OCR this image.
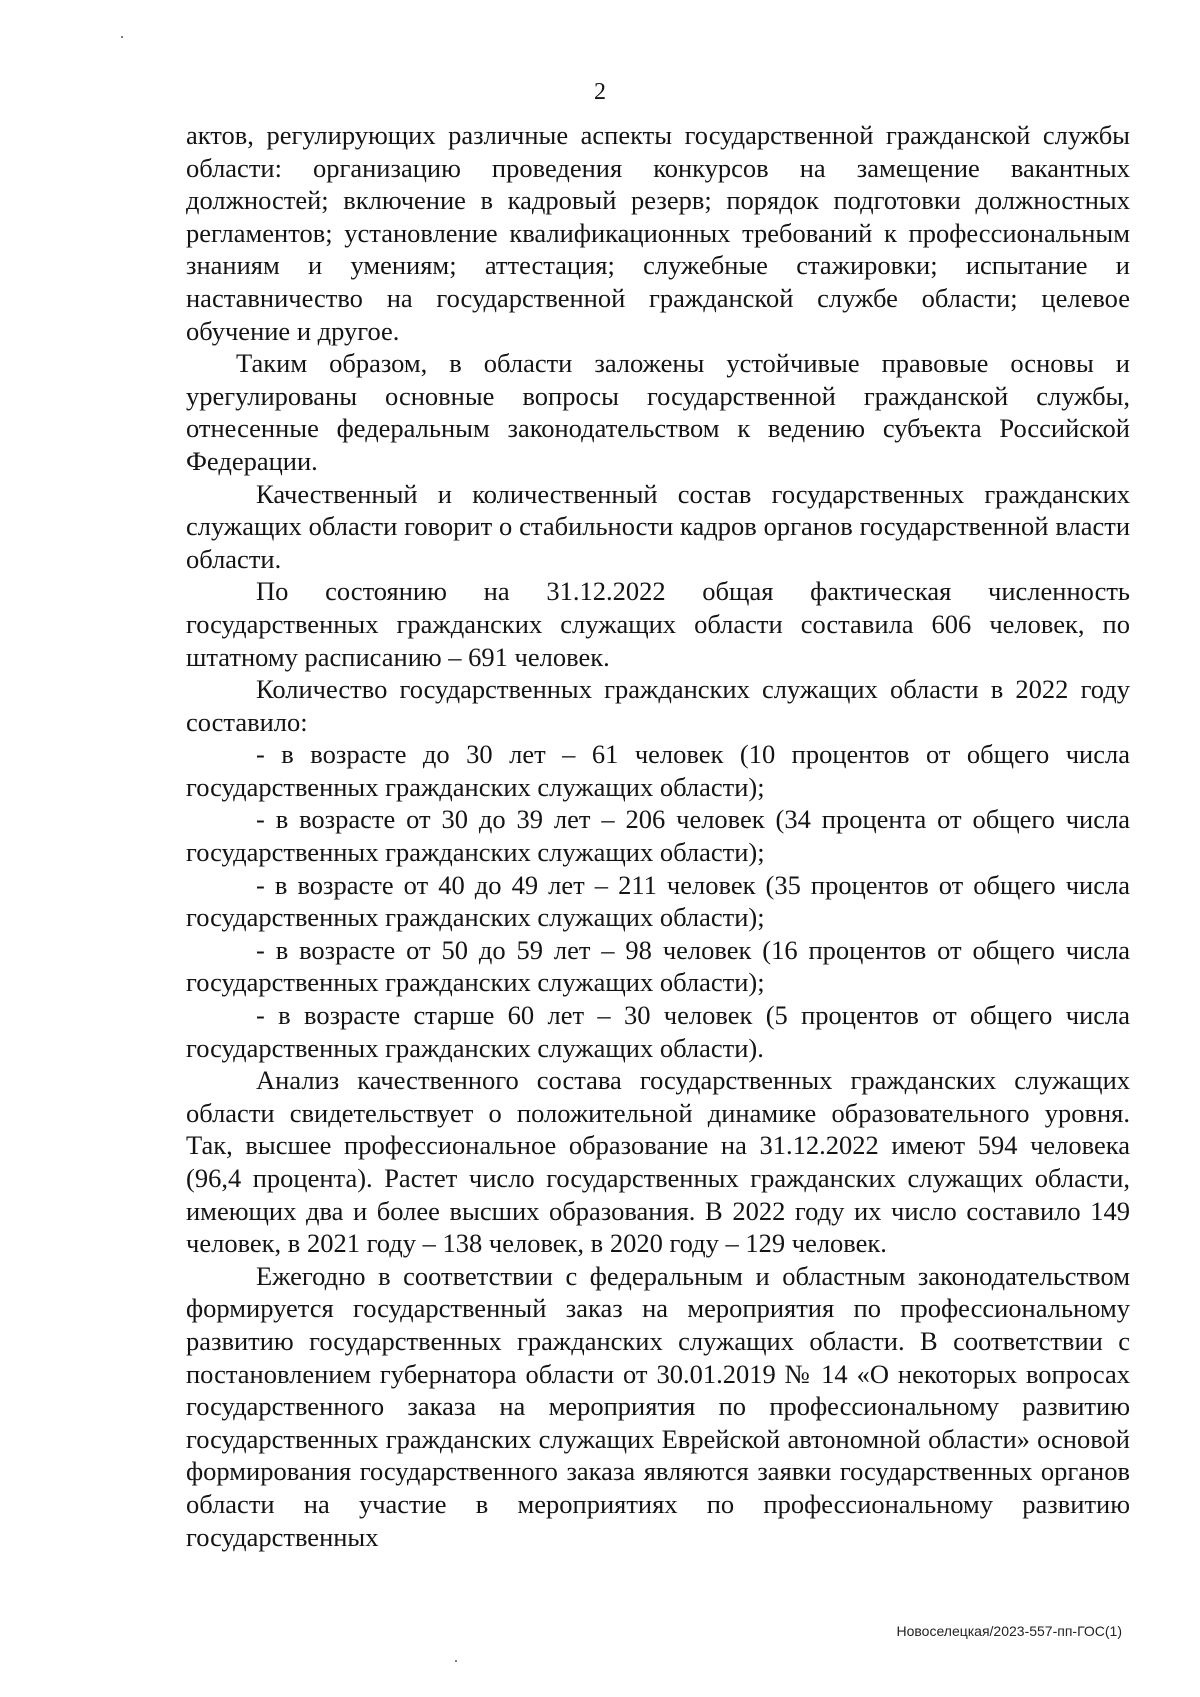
2

актов, регулирующих различные аспекты государственной гражданской службы области: организацию проведения конкурсов на замещение вакантных должностей; включение в кадровый резерв; порядок подготовки должностных регламентов; установление квалификационных требований к профессиональным знаниям и умениям; аттестация; служебные стажировки; испытание и наставничество на государственной гражданской службе области; целевое обучение и другое.

Таким образом, в области заложены устойчивые правовые основы и урегулированы основные вопросы государственной гражданской службы, отнесенные федеральным законодательством к ведению субъекта Российской Федерации.

Качественный и количественный состав государственных гражданских служащих области говорит о стабильности кадров органов государственной власти области.

По состоянию на 31.12.2022 общая фактическая численность государственных гражданских служащих области составила 606 человек, по штатному расписанию – 691 человек.

Количество государственных гражданских служащих области в 2022 году составило:

- в возрасте до 30 лет – 61 человек (10 процентов от общего числа государственных гражданских служащих области);

- в возрасте от 30 до 39 лет – 206 человек (34 процента от общего числа государственных гражданских служащих области);

- в возрасте от 40 до 49 лет – 211 человек (35 процентов от общего числа государственных гражданских служащих области);

- в возрасте от 50 до 59 лет – 98 человек (16 процентов от общего числа государственных гражданских служащих области);

- в возрасте старше 60 лет – 30 человек (5 процентов от общего числа государственных гражданских служащих области).

Анализ качественного состава государственных гражданских служащих области свидетельствует о положительной динамике образовательного уровня. Так, высшее профессиональное образование на 31.12.2022 имеют 594 человека (96,4 процента). Растет число государственных гражданских служащих области, имеющих два и более высших образования. В 2022 году их число составило 149 человек, в 2021 году – 138 человек, в 2020 году – 129 человек.

Ежегодно в соответствии с федеральным и областным законодательством формируется государственный заказ на мероприятия по профессиональному развитию государственных гражданских служащих области. В соответствии с постановлением губернатора области от 30.01.2019 № 14 «О некоторых вопросах государственного заказа на мероприятия по профессиональному развитию государственных гражданских служащих Еврейской автономной области» основой формирования государственного заказа являются заявки государственных органов области на участие в мероприятиях по профессиональному развитию государственных

Новоселецкая/2023-557-пп-ГОС(1)
